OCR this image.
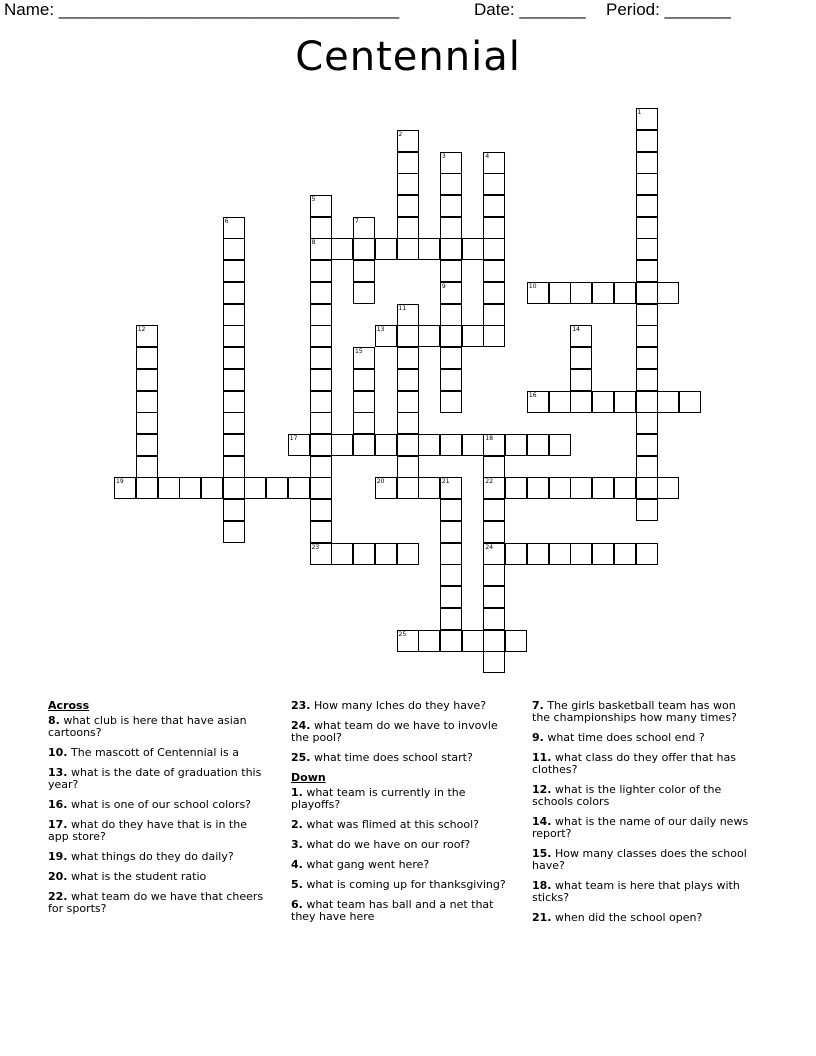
Name: ____________________________________	Date: _______ Period: _______
Centennial
1
2
3
9
4
5
8
6	7
10
11
12	13	14
15
16
17	18
22
24
19	20	21
23
25
Across
8. what club is here that have asian cartoons?
10. The mascott of Centennial is a
13. what is the date of graduation this year?
16. what is one of our school colors?
17. what do they have that is in the app store?
19. what things do they do daily?
20. what is the student ratio
22. what team do we have that cheers for sports?
23. How many lches do they have?
24. what team do we have to invovle the pool?
25. what time does school start?
Down
1. what team is currently in the playoffs?
2. what was flimed at this school?
3. what do we have on our roof?
4. what gang went here?
5. what is coming up for thanksgiving?
6. what team has ball and a net that they have here
7. The girls basketball team has won the championships how many times?
9. what time does school end ?
11. what class do they offer that has clothes?
12. what is the lighter color of the schools colors
14. what is the name of our daily news report?
15. How many classes does the school have?
18. what team is here that plays with sticks?
21. when did the school open?
